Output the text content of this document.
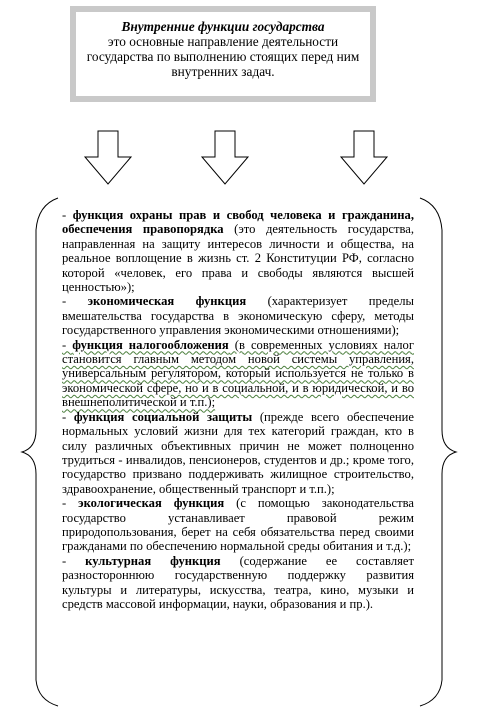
Внутренние функции государства
это основные направление деятельности государства по выполнению стоящих перед ним внутренних задач.

- функция охраны прав и свобод человека и гражданина, обеспечения правопорядка (это деятельность государства, направленная на защиту интересов личности и общества, на реальное воплощение в жизнь ст. 2 Конституции РФ, согласно которой «человек, его права и свободы являются высшей ценностью»);

- экономическая функция (характеризует пределы вмешательства государства в экономическую сферу, методы государственного управления экономическими отношениями);

- функция налогообложения (в современных условиях налог становится главным методом новой системы управления, универсальным регулятором, который используется не только в экономической сфере, но и в социальной, и в юридической, и во внешнеполитической и т.п.);

- функция социальной защиты (прежде всего обеспечение нормальных условий жизни для тех категорий граждан, кто в силу различных объективных причин не может полноценно трудиться - инвалидов, пенсионеров, студентов и др.; кроме того, государство призвано поддерживать жилищное строительство, здравоохранение, общественный транспорт и т.п.);

- экологическая функция (с помощью законодательства государство устанавливает правовой режим природопользования, берет на себя обязательства перед своими гражданами по обеспечению нормальной среды обитания и т.д.);

- культурная функция (содержание ее составляет разностороннюю государственную поддержку развития культуры и литературы, искусства, театра, кино, музыки и средств массовой информации, науки, образования и пр.).
